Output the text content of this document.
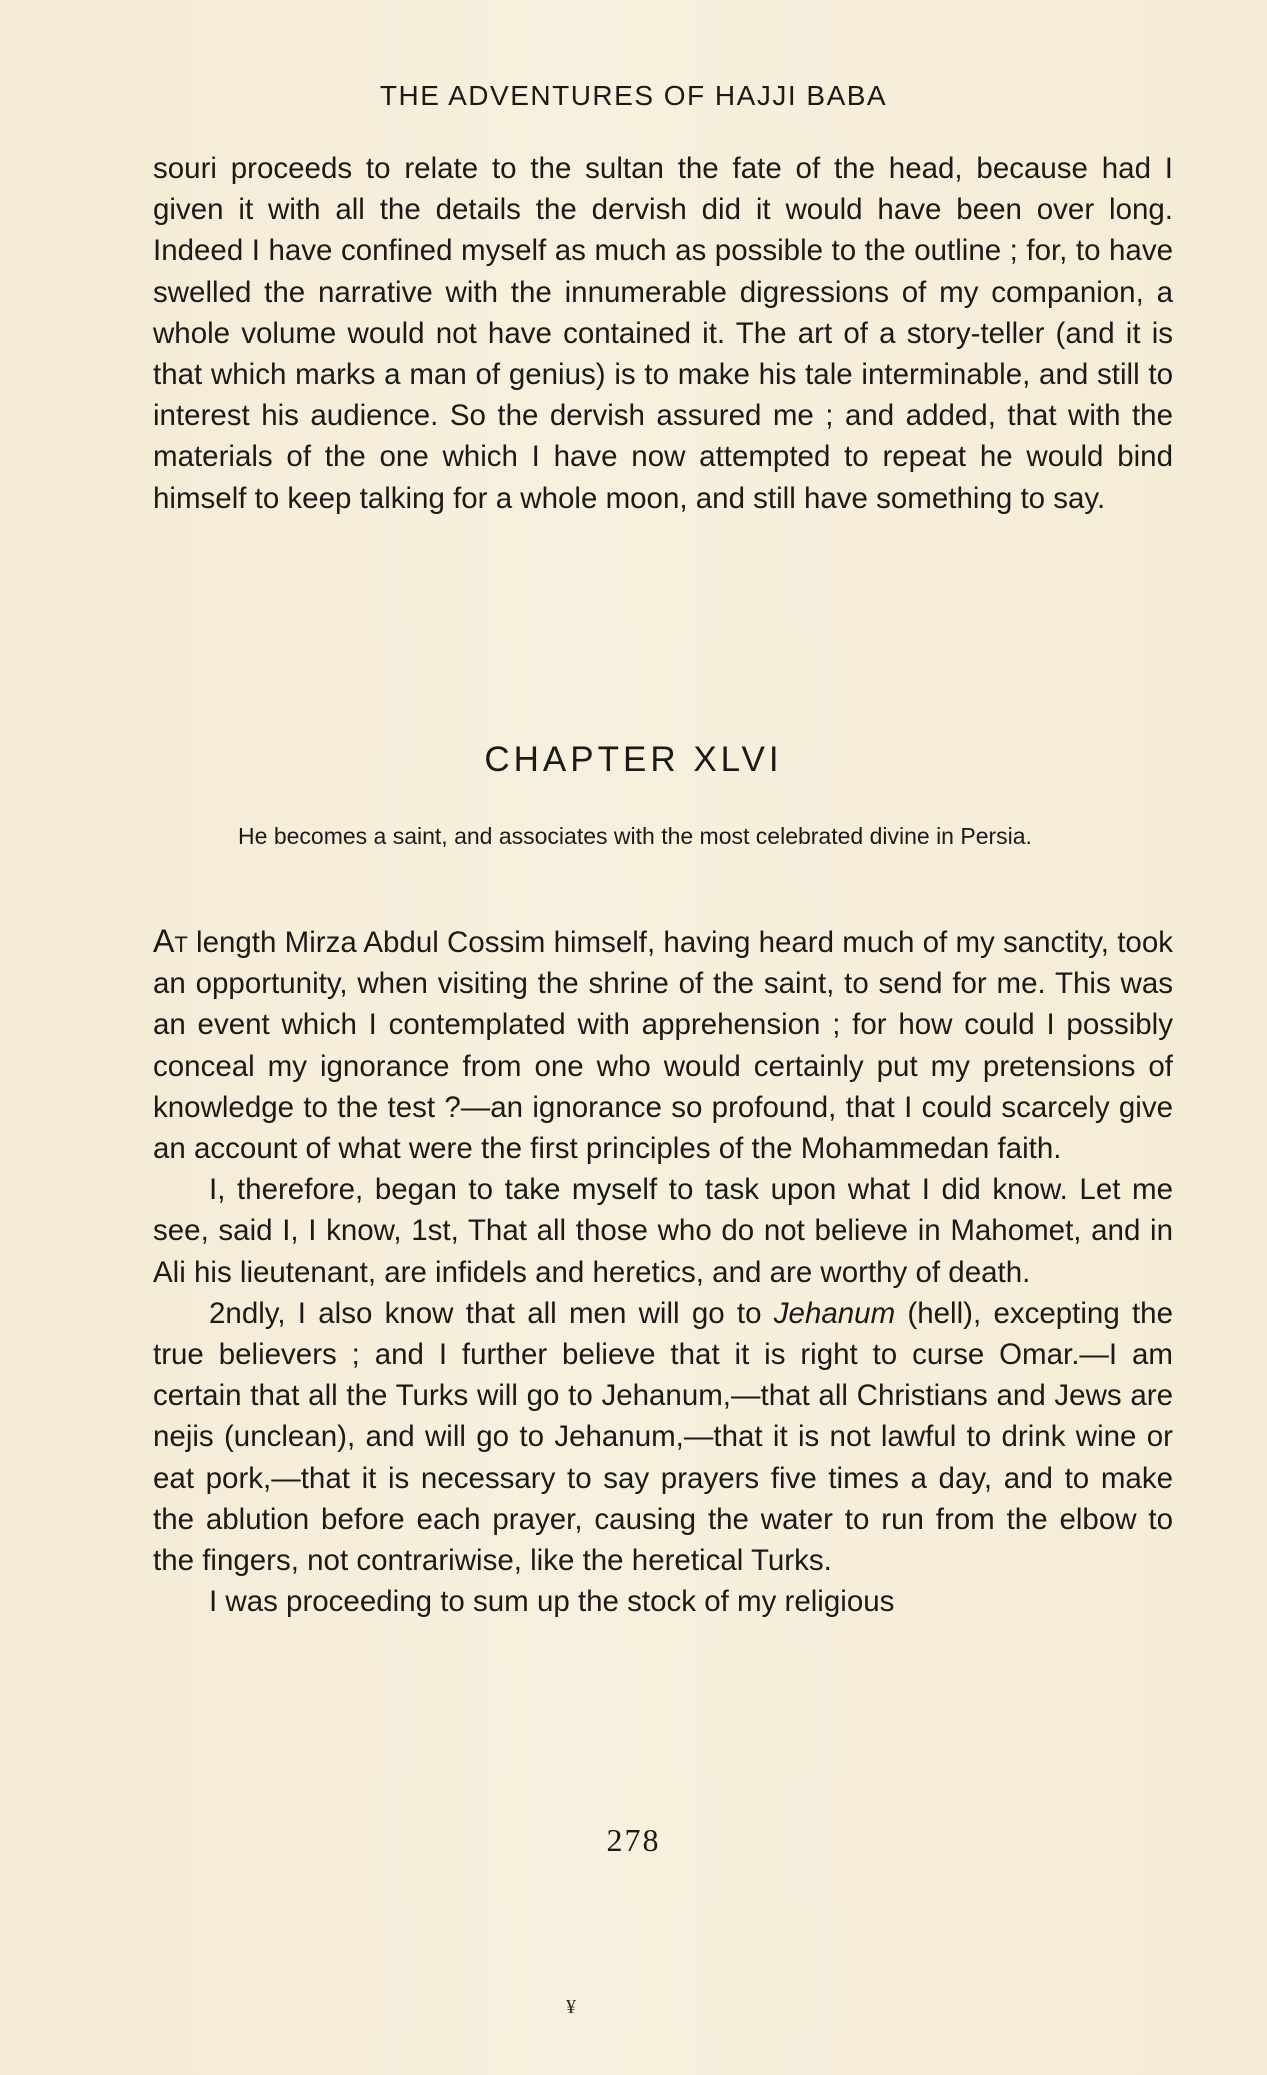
THE ADVENTURES OF HAJJI BABA

souri proceeds to relate to the sultan the fate of the head, because had I given it with all the details the dervish did it would have been over long. Indeed I have confined myself as much as possible to the outline ; for, to have swelled the narrative with the innumerable digressions of my companion, a whole volume would not have contained it. The art of a story-teller (and it is that which marks a man of genius) is to make his tale interminable, and still to interest his audience. So the dervish assured me ; and added, that with the materials of the one which I have now attempted to repeat he would bind himself to keep talking for a whole moon, and still have something to say.

CHAPTER XLVI
He becomes a saint, and associates with the most celebrated divine in Persia.

At length Mirza Abdul Cossim himself, having heard much of my sanctity, took an opportunity, when visiting the shrine of the saint, to send for me. This was an event which I contemplated with apprehension ; for how could I possibly conceal my ignorance from one who would certainly put my pretensions of knowledge to the test ?—an ignorance so profound, that I could scarcely give an account of what were the first principles of the Mohammedan faith.

I, therefore, began to take myself to task upon what I did know. Let me see, said I, I know, 1st, That all those who do not believe in Mahomet, and in Ali his lieutenant, are infidels and heretics, and are worthy of death.

2ndly, I also know that all men will go to Jehanum (hell), excepting the true believers ; and I further believe that it is right to curse Omar.—I am certain that all the Turks will go to Jehanum,—that all Christians and Jews are nejis (unclean), and will go to Jehanum,—that it is not lawful to drink wine or eat pork,—that it is necessary to say prayers five times a day, and to make the ablution before each prayer, causing the water to run from the elbow to the fingers, not contrariwise, like the heretical Turks.

I was proceeding to sum up the stock of my religious

278
¥
